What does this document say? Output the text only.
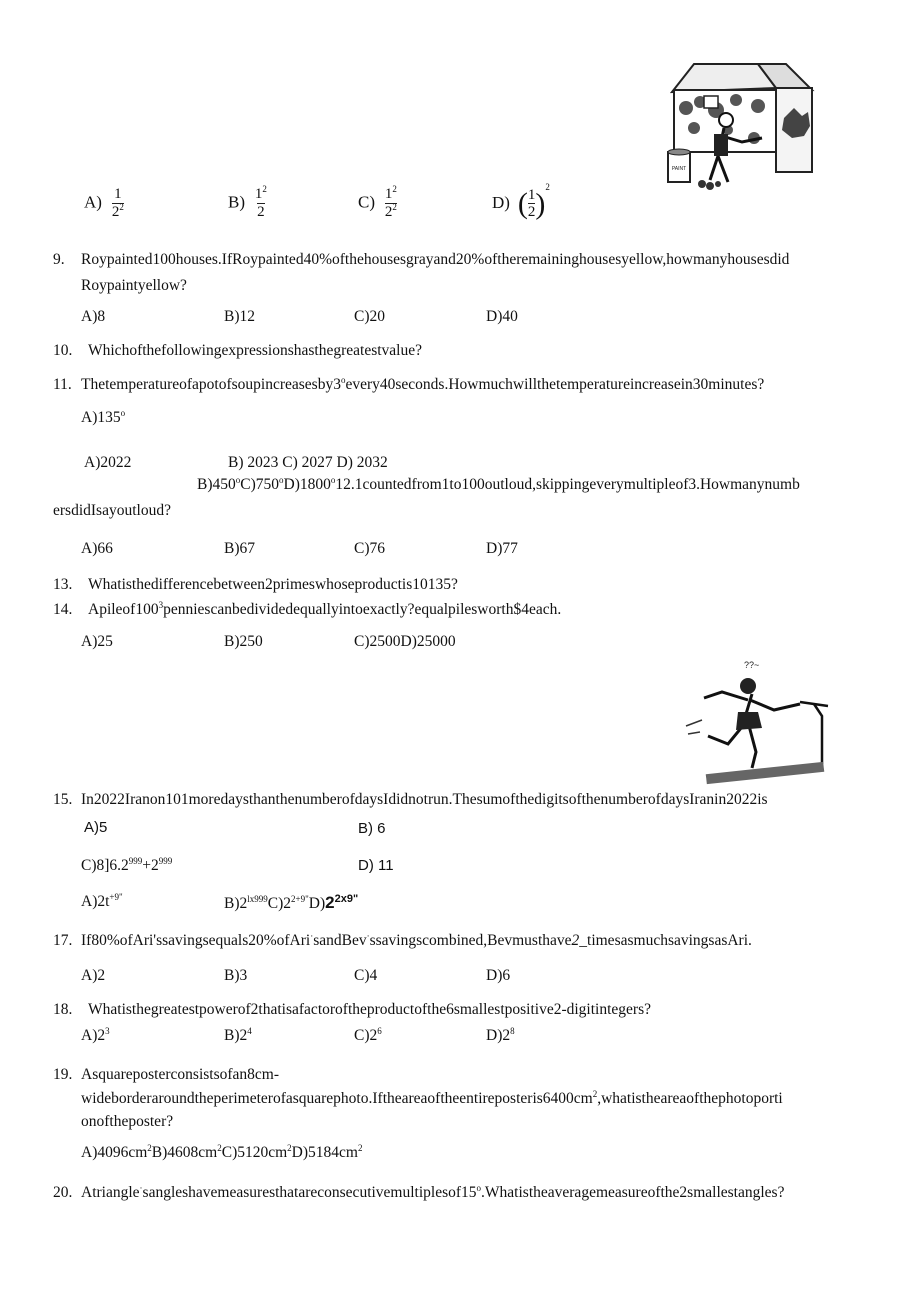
PAINT
$A) \frac{1}{2^2}$	$B) \frac{1^2}{2}$	$C) \frac{1^2}{2^2}$	D) ( $\frac{1}{2} )^2$
9. Roypainted100houses.IfRoypainted40%ofthehousesgrayand20%oftheremaininghousesyellow,howmanyhousesdid
Roypaintyellow?
A)8	B)12	C)20	D)40
10. Whichofthefollowingexpressionshasthegreatestvalue?
11. Thetemperatureofapotofsoupincreasesby3$^o$every40seconds.Howmuchwillthetemperatureincreasein30minutes?
A)135$^o$
A)2022	B) 2023 C) 2027 D) 2032
B)450$^o$C)750$^o$D)1800$^o$12.1countedfrom1to100outloud,skippingeverymultipleof3.Howmanynumb
ersdidIsayoutloud?
A)66	B)67	C)76	D)77
13. Whatisthedifferencebetween2primeswhoseproductis10135?
14. $Apileof100^3penniescanbedividedequallyintoexactly?equalpilesworth\$4each$.
A)25	B)250	C)2500D)25000
??~
15. In2022Iranon101moredaysthanthenumberofdaysIdidnotrun.ThesumofthedigitsofthenumberofdaysIranin2022is
A)5	B) 6
$C)8]6.2^{999}+2^{999}$	D) 11
$A)2t^{+9"}$	$B)2^{lx999}C)2^{2+9"}D)2^{2x9"}$
17. If80%ofAri'ssavingsequals20%ofAri·sandBev·ssavingscombined,Bevmusthave2_timesasmuchsavingsasAri.
A)2	B)3	C)4	D)6
18. Whatisthegreatestpowerof2thatisafactoroftheproductofthe6smallestpositive2-digitintegers?
$A)2^3$	$B)2^4$	$C)2^6$	$D)2^8$
19. Asquareposterconsistsofan8cm-
$wideborderaroundtheperimeterofasquarephoto.Iftheareaoftheentireposteris6400cm^2,whatistheareaofthephotoporti$
onoftheposter?
$A)4096cm^2B)4608cm^2C)5120cm^2D)5184cm^2$
20. Atriangle·sangleshavemeasuresthatareconsecutivemultiplesof15$^o$.Whatistheaveragemeasureofthe2smallestangles?
